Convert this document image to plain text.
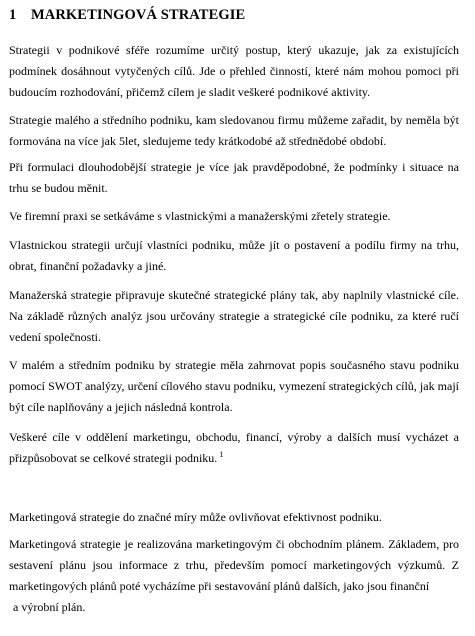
1 MARKETINGOVÁ STRATEGIE
Strategii v podnikové sféře rozumíme určitý postup, který ukazuje, jak za existujících podmínek dosáhnout vytyčených cílů. Jde o přehled činností, které nám mohou pomoci při budoucím rozhodování, přičemž cílem je sladit veškeré podnikové aktivity.
Strategie malého a středního podniku, kam sledovanou firmu můžeme zařadit, by neměla být formována na více jak 5let, sledujeme tedy krátkodobé až střednědobé období.
Při formulaci dlouhodobější strategie je více jak pravděpodobné, že podmínky i situace na trhu se budou měnit.
Ve firemní praxi se setkáváme s vlastnickými a manažerskými zřetely strategie.
Vlastnickou strategii určují vlastníci podniku, může jít o postavení a podílu firmy na trhu, obrat, finanční požadavky a jiné.
Manažerská strategie připravuje skutečné strategické plány tak, aby naplnily vlastnické cíle. Na základě různých analýz jsou určovány strategie a strategické cíle podniku, za které ručí vedení společnosti.
V malém a středním podniku by strategie měla zahrnovat popis současného stavu podniku pomocí SWOT analýzy, určení cílového stavu podniku, vymezení strategických cílů, jak mají být cíle naplňovány a jejich následná kontrola.
Veškeré cíle v oddělení marketingu, obchodu, financí, výroby a dalších musí vycházet a přizpůsobovat se celkové strategii podniku. $^1$
Marketingová strategie do značné míry může ovlivňovat efektivnost podniku.
Marketingová strategie je realizována marketingovým či obchodním plánem. Základem, pro sestavení plánu jsou informace z trhu, především pomocí marketingových výzkumů. Z marketingových plánů poté vycházíme při sestavování plánů dalších, jako jsou finanční
a výrobní plán.
